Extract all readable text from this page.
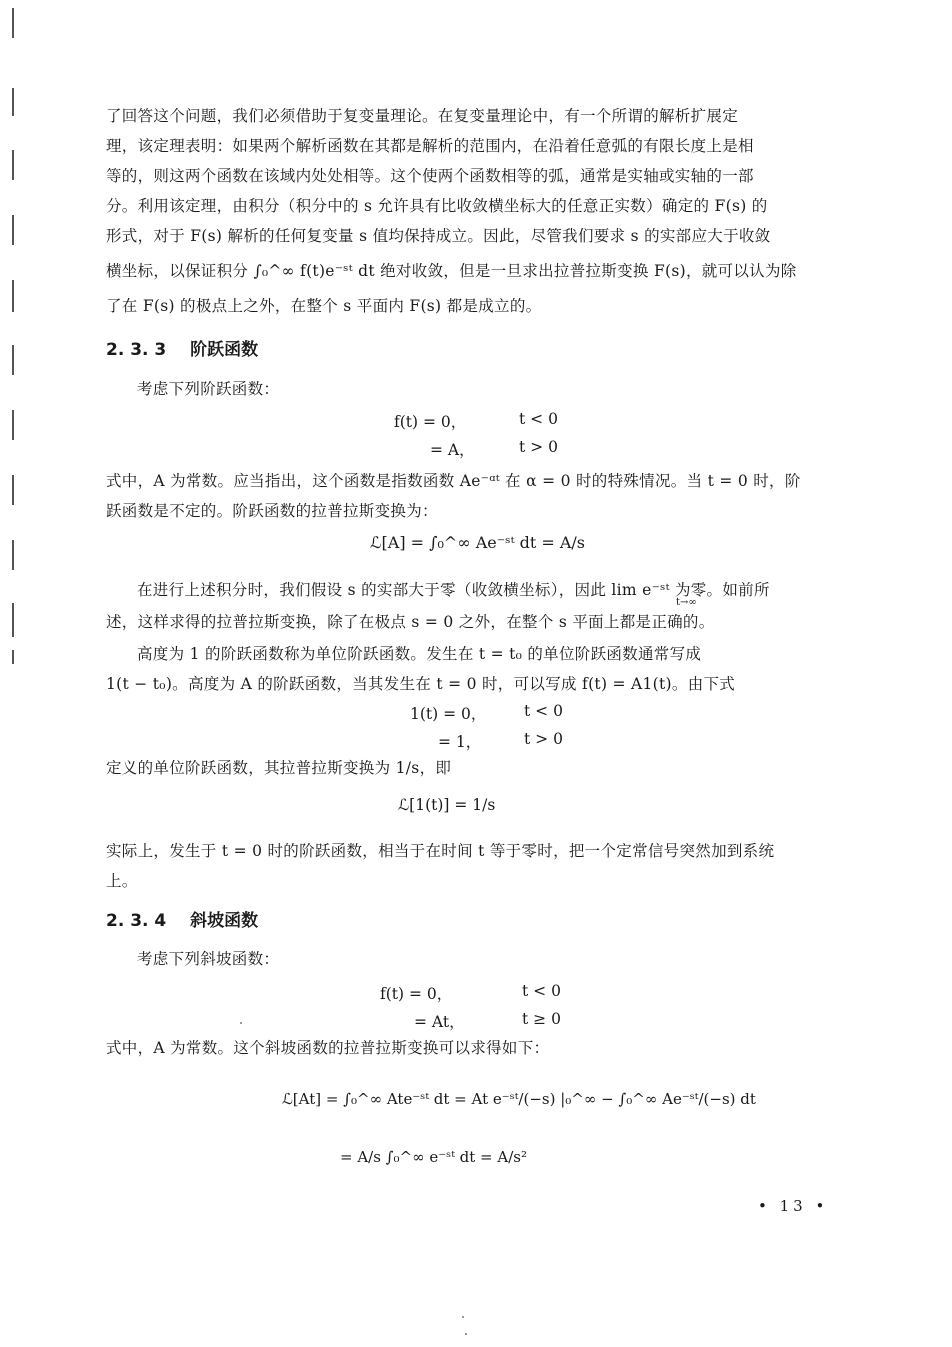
了回答这个问题，我们必须借助于复变量理论。在复变量理论中，有一个所谓的解析扩展定
理，该定理表明：如果两个解析函数在其都是解析的范围内，在沿着任意弧的有限长度上是相
等的，则这两个函数在该域内处处相等。这个使两个函数相等的弧，通常是实轴或实轴的一部
分。利用该定理，由积分（积分中的 s 允许具有比收敛横坐标大的任意正实数）确定的 F(s) 的
形式，对于 F(s) 解析的任何复变量 s 值均保持成立。因此，尽管我们要求 s 的实部应大于收敛
横坐标，以保证积分 ∫₀^∞ f(t)e⁻ˢᵗ dt 绝对收敛，但是一旦求出拉普拉斯变换 F(s)，就可以认为除
了在 F(s) 的极点上之外，在整个 s 平面内 F(s) 都是成立的。
2. 3. 3 阶跃函数
考虑下列阶跃函数：
f(t) = 0，	t < 0
= A，	t > 0
式中，A 为常数。应当指出，这个函数是指数函数 Ae⁻ᵅᵗ 在 α = 0 时的特殊情况。当 t = 0 时，阶
跃函数是不定的。阶跃函数的拉普拉斯变换为：
ℒ[A] = ∫₀^∞ Ae⁻ˢᵗ dt = A/s
在进行上述积分时，我们假设 s 的实部大于零（收敛横坐标），因此 lim e⁻ˢᵗ 为零。如前所
t→∞
述，这样求得的拉普拉斯变换，除了在极点 s = 0 之外，在整个 s 平面上都是正确的。
高度为 1 的阶跃函数称为单位阶跃函数。发生在 t = t₀ 的单位阶跃函数通常写成
1(t − t₀)。高度为 A 的阶跃函数，当其发生在 t = 0 时，可以写成 f(t) = A1(t)。由下式
1(t) = 0， t < 0
= 1，	t > 0
定义的单位阶跃函数，其拉普拉斯变换为 1/s，即
ℒ[1(t)] = 1/s
实际上，发生于 t = 0 时的阶跃函数，相当于在时间 t 等于零时，把一个定常信号突然加到系统
上。
2. 3. 4 斜坡函数
考虑下列斜坡函数：
f(t) = 0，	t < 0
= At，	t ≥ 0
式中，A 为常数。这个斜坡函数的拉普拉斯变换可以求得如下：
ℒ[At] = ∫₀^∞ Ate⁻ˢᵗ dt = At e⁻ˢᵗ/(−s) |₀^∞ − ∫₀^∞ Ae⁻ˢᵗ/(−s) dt
= A/s ∫₀^∞ e⁻ˢᵗ dt = A/s²
• 13 •
